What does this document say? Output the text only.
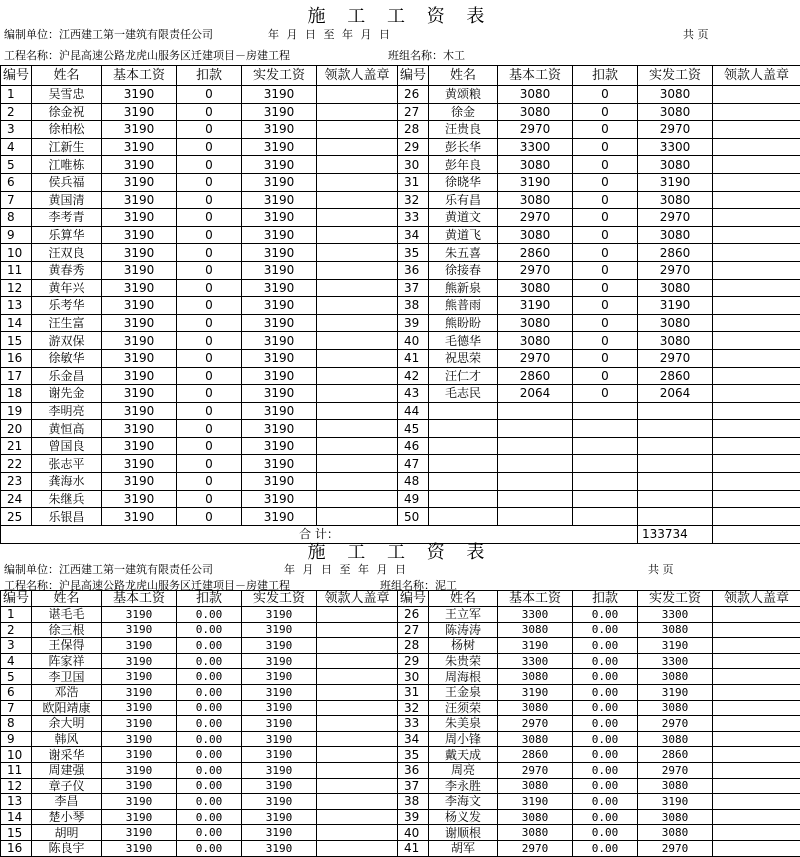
施 工 工 资 表
编制单位：江西建工第一建筑有限责任公司	年 月 日 至 年 月 日	共 页
工程名称：沪昆高速公路龙虎山服务区迁建项目－房建工程	班组名称：木工
编号	姓名	基本工资	扣款	实发工资	领款人盖章	编号	姓名	基本工资	扣款	实发工资	领款人盖章
1	吴雪忠	3190	0	3190		26	黄颂粮	3080	0	3080	
2	徐金祝	3190	0	3190		27	徐金	3080	0	3080	
3	徐柏松	3190	0	3190		28	汪贵良	2970	0	2970	
4	江新生	3190	0	3190		29	彭长华	3300	0	3300	
5	江唯栋	3190	0	3190		30	彭年良	3080	0	3080	
6	侯兵福	3190	0	3190		31	徐晓华	3190	0	3190	
7	黄国清	3190	0	3190		32	乐有昌	3080	0	3080	
8	李考青	3190	0	3190		33	黄道文	2970	0	2970	
9	乐算华	3190	0	3190		34	黄道飞	3080	0	3080	
10	汪双良	3190	0	3190		35	朱五喜	2860	0	2860	
11	黄春秀	3190	0	3190		36	徐接春	2970	0	2970	
12	黄年兴	3190	0	3190		37	熊新泉	3080	0	3080	
13	乐考华	3190	0	3190		38	熊普雨	3190	0	3190	
14	汪生富	3190	0	3190		39	熊盼盼	3080	0	3080	
15	游双保	3190	0	3190		40	毛德华	3080	0	3080	
16	徐敏华	3190	0	3190		41	祝思荣	2970	0	2970	
17	乐金昌	3190	0	3190		42	汪仁才	2860	0	2860	
18	谢先金	3190	0	3190		43	毛志民	2064	0	2064	
19	李明亮	3190	0	3190		44					
20	黄恒高	3190	0	3190		45					
21	曾国良	3190	0	3190		46					
22	张志平	3190	0	3190		47					
23	龚海水	3190	0	3190		48					
24	朱继兵	3190	0	3190		49					
25	乐银昌	3190	0	3190		50					
合 计：										133734	
施 工 工 资 表
编制单位：江西建工第一建筑有限责任公司	年 月 日 至 年 月 日	共 页
工程名称：沪昆高速公路龙虎山服务区迁建项目－房建工程	班组名称：泥工
编号	姓名	基本工资	扣款	实发工资	领款人盖章	编号	姓名	基本工资	扣款	实发工资	领款人盖章
1	谌毛毛	3190	0.00	3190		26	王立军	3300	0.00	3300	
2	徐三根	3190	0.00	3190		27	陈涛涛	3080	0.00	3080	
3	王保得	3190	0.00	3190		28	杨树	3190	0.00	3190	
4	阵家祥	3190	0.00	3190		29	朱贵荣	3300	0.00	3300	
5	李卫国	3190	0.00	3190		30	周海根	3080	0.00	3080	
6	邓浩	3190	0.00	3190		31	王金泉	3190	0.00	3190	
7	欧阳靖康	3190	0.00	3190		32	汪须荣	3080	0.00	3080	
8	余大明	3190	0.00	3190		33	朱美泉	2970	0.00	2970	
9	韩风	3190	0.00	3190		34	周小锋	3080	0.00	3080	
10	谢采华	3190	0.00	3190		35	戴天成	2860	0.00	2860	
11	周建强	3190	0.00	3190		36	周亮	2970	0.00	2970	
12	章子仪	3190	0.00	3190		37	李永胜	3080	0.00	3080	
13	李昌	3190	0.00	3190		38	李海文	3190	0.00	3190	
14	楚小琴	3190	0.00	3190		39	杨义发	3080	0.00	3080	
15	胡明	3190	0.00	3190		40	谢顺根	3080	0.00	3080	
16	陈良宇	3190	0.00	3190		41	胡军	2970	0.00	2970	
